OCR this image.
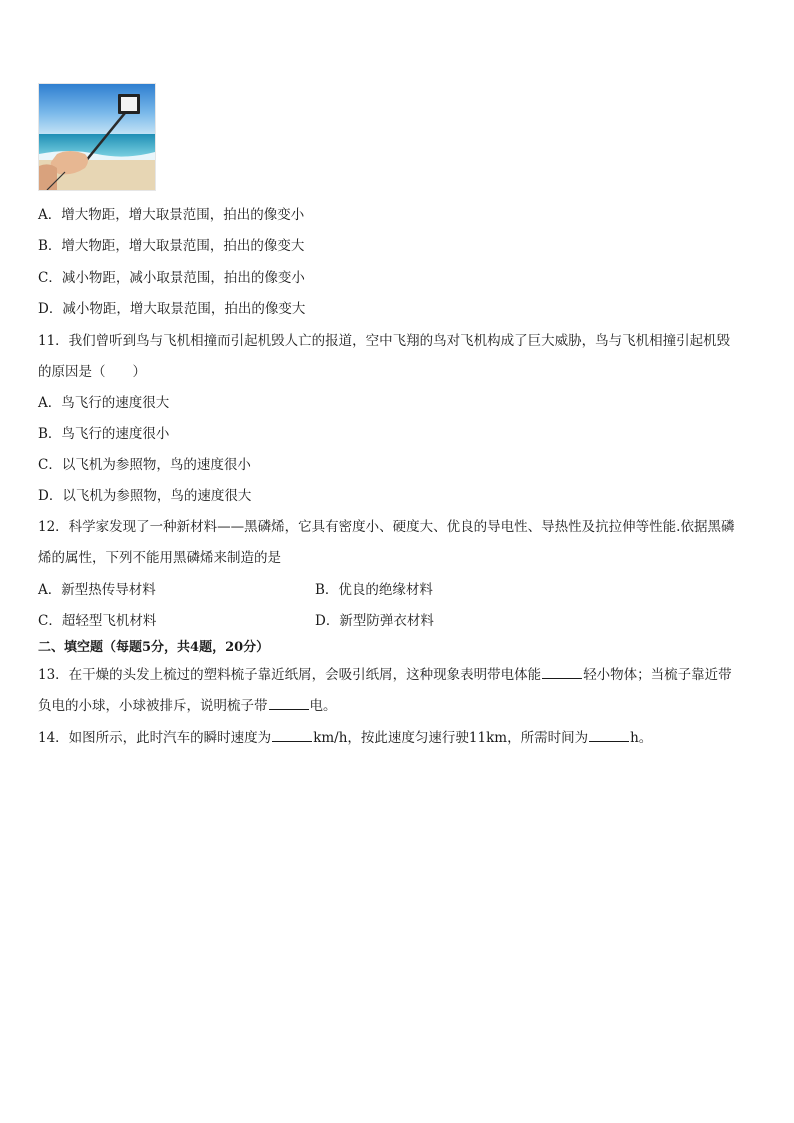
A．增大物距，增大取景范围，拍出的像变小
B．增大物距，增大取景范围，拍出的像变大
C．减小物距，减小取景范围，拍出的像变小
D．减小物距，增大取景范围，拍出的像变大
11．我们曾听到鸟与飞机相撞而引起机毁人亡的报道，空中飞翔的鸟对飞机构成了巨大威胁，鸟与飞机相撞引起机毁
的原因是（　　）
A．鸟飞行的速度很大
B．鸟飞行的速度很小
C．以飞机为参照物，鸟的速度很小
D．以飞机为参照物，鸟的速度很大
12．科学家发现了一种新材料——黑磷烯，它具有密度小、硬度大、优良的导电性、导热性及抗拉伸等性能.依据黑磷
烯的属性，下列不能用黑磷烯来制造的是
A．新型热传导材料	B．优良的绝缘材料
C．超轻型飞机材料	D．新型防弹衣材料
二、填空题（每题5分，共4题，20分）
13．在干燥的头发上梳过的塑料梳子靠近纸屑，会吸引纸屑，这种现象表明带电体能	轻小物体；当梳子靠近带
负电的小球，小球被排斥，说明梳子带	电。
14．如图所示，此时汽车的瞬时速度为	km/h，按此速度匀速行驶11km，所需时间为	h。
